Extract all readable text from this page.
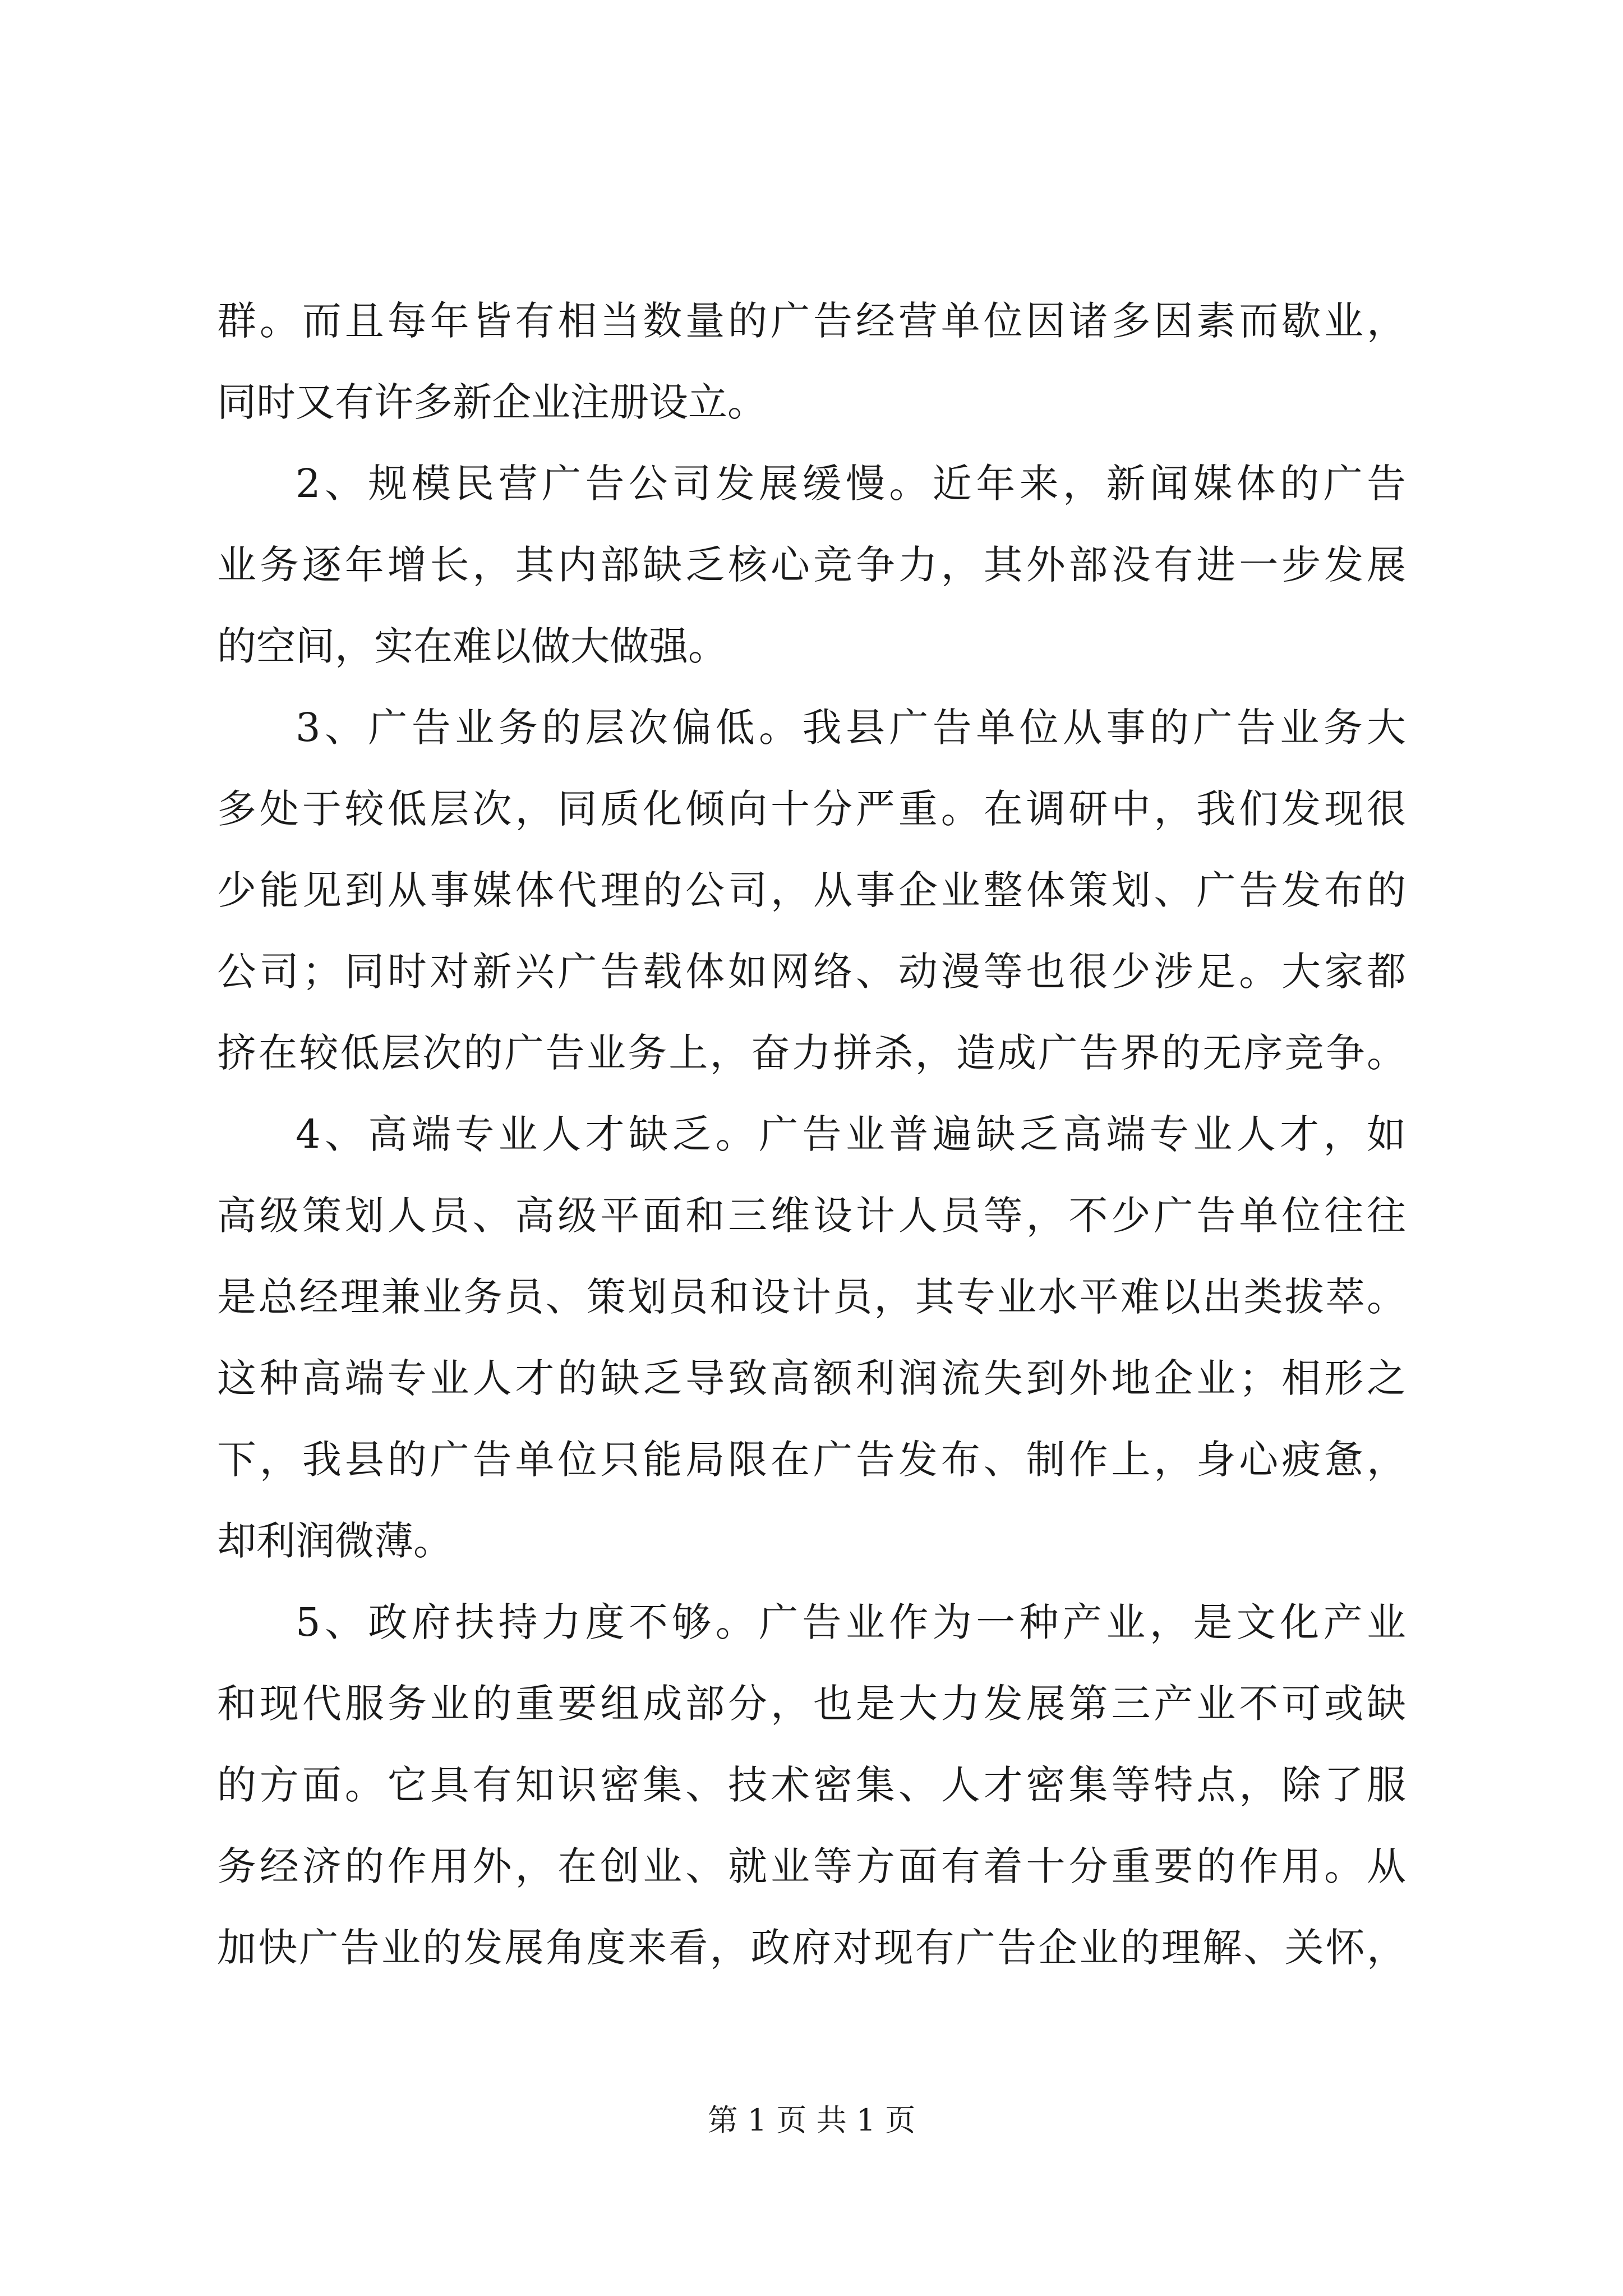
群。而且每年皆有相当数量的广告经营单位因诸多因素而歇业，
同时又有许多新企业注册设立。
2、规模民营广告公司发展缓慢。近年来，新闻媒体的广告
业务逐年增长，其内部缺乏核心竞争力，其外部没有进一步发展
的空间，实在难以做大做强。
3、广告业务的层次偏低。我县广告单位从事的广告业务大
多处于较低层次，同质化倾向十分严重。在调研中，我们发现很
少能见到从事媒体代理的公司，从事企业整体策划、广告发布的
公司；同时对新兴广告载体如网络、动漫等也很少涉足。大家都
挤在较低层次的广告业务上，奋力拼杀，造成广告界的无序竞争。
4、高端专业人才缺乏。广告业普遍缺乏高端专业人才，如
高级策划人员、高级平面和三维设计人员等，不少广告单位往往
是总经理兼业务员、策划员和设计员，其专业水平难以出类拔萃。
这种高端专业人才的缺乏导致高额利润流失到外地企业；相形之
下，我县的广告单位只能局限在广告发布、制作上，身心疲惫，
却利润微薄。
5、政府扶持力度不够。广告业作为一种产业，是文化产业
和现代服务业的重要组成部分，也是大力发展第三产业不可或缺
的方面。它具有知识密集、技术密集、人才密集等特点，除了服
务经济的作用外，在创业、就业等方面有着十分重要的作用。从
加快广告业的发展角度来看，政府对现有广告企业的理解、关怀，
第 1 页 共 1 页
